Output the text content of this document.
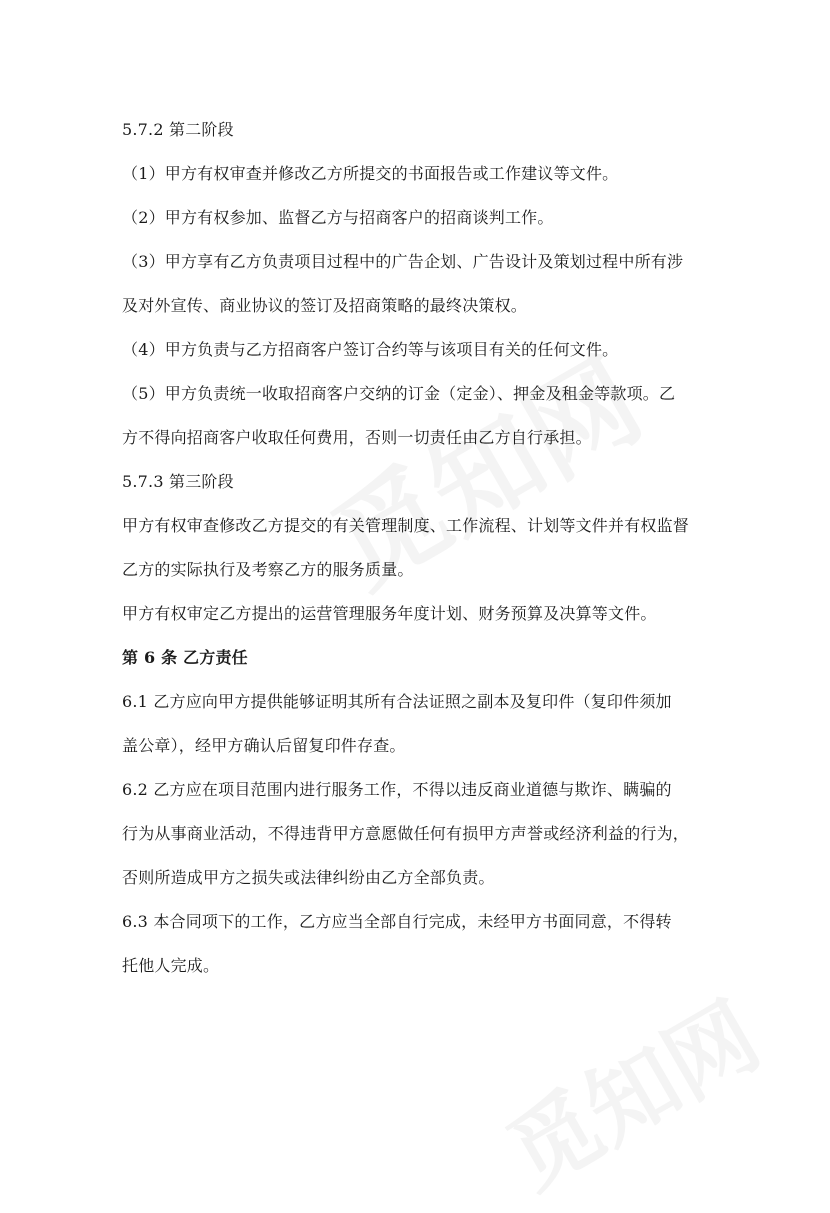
5.7.2 第二阶段
（1）甲方有权审查并修改乙方所提交的书面报告或工作建议等文件。
（2）甲方有权参加、监督乙方与招商客户的招商谈判工作。
（3）甲方享有乙方负责项目过程中的广告企划、广告设计及策划过程中所有涉
及对外宣传、商业协议的签订及招商策略的最终决策权。
（4）甲方负责与乙方招商客户签订合约等与该项目有关的任何文件。
（5）甲方负责统一收取招商客户交纳的订金（定金）、押金及租金等款项。乙
方不得向招商客户收取任何费用，否则一切责任由乙方自行承担。
5.7.3 第三阶段
甲方有权审查修改乙方提交的有关管理制度、工作流程、计划等文件并有权监督
乙方的实际执行及考察乙方的服务质量。
甲方有权审定乙方提出的运营管理服务年度计划、财务预算及决算等文件。
第 6 条 乙方责任
6.1 乙方应向甲方提供能够证明其所有合法证照之副本及复印件（复印件须加
盖公章），经甲方确认后留复印件存查。
6.2 乙方应在项目范围内进行服务工作，不得以违反商业道德与欺诈、瞒骗的
行为从事商业活动，不得违背甲方意愿做任何有损甲方声誉或经济利益的行为，
否则所造成甲方之损失或法律纠纷由乙方全部负责。
6.3 本合同项下的工作，乙方应当全部自行完成，未经甲方书面同意，不得转
托他人完成。
